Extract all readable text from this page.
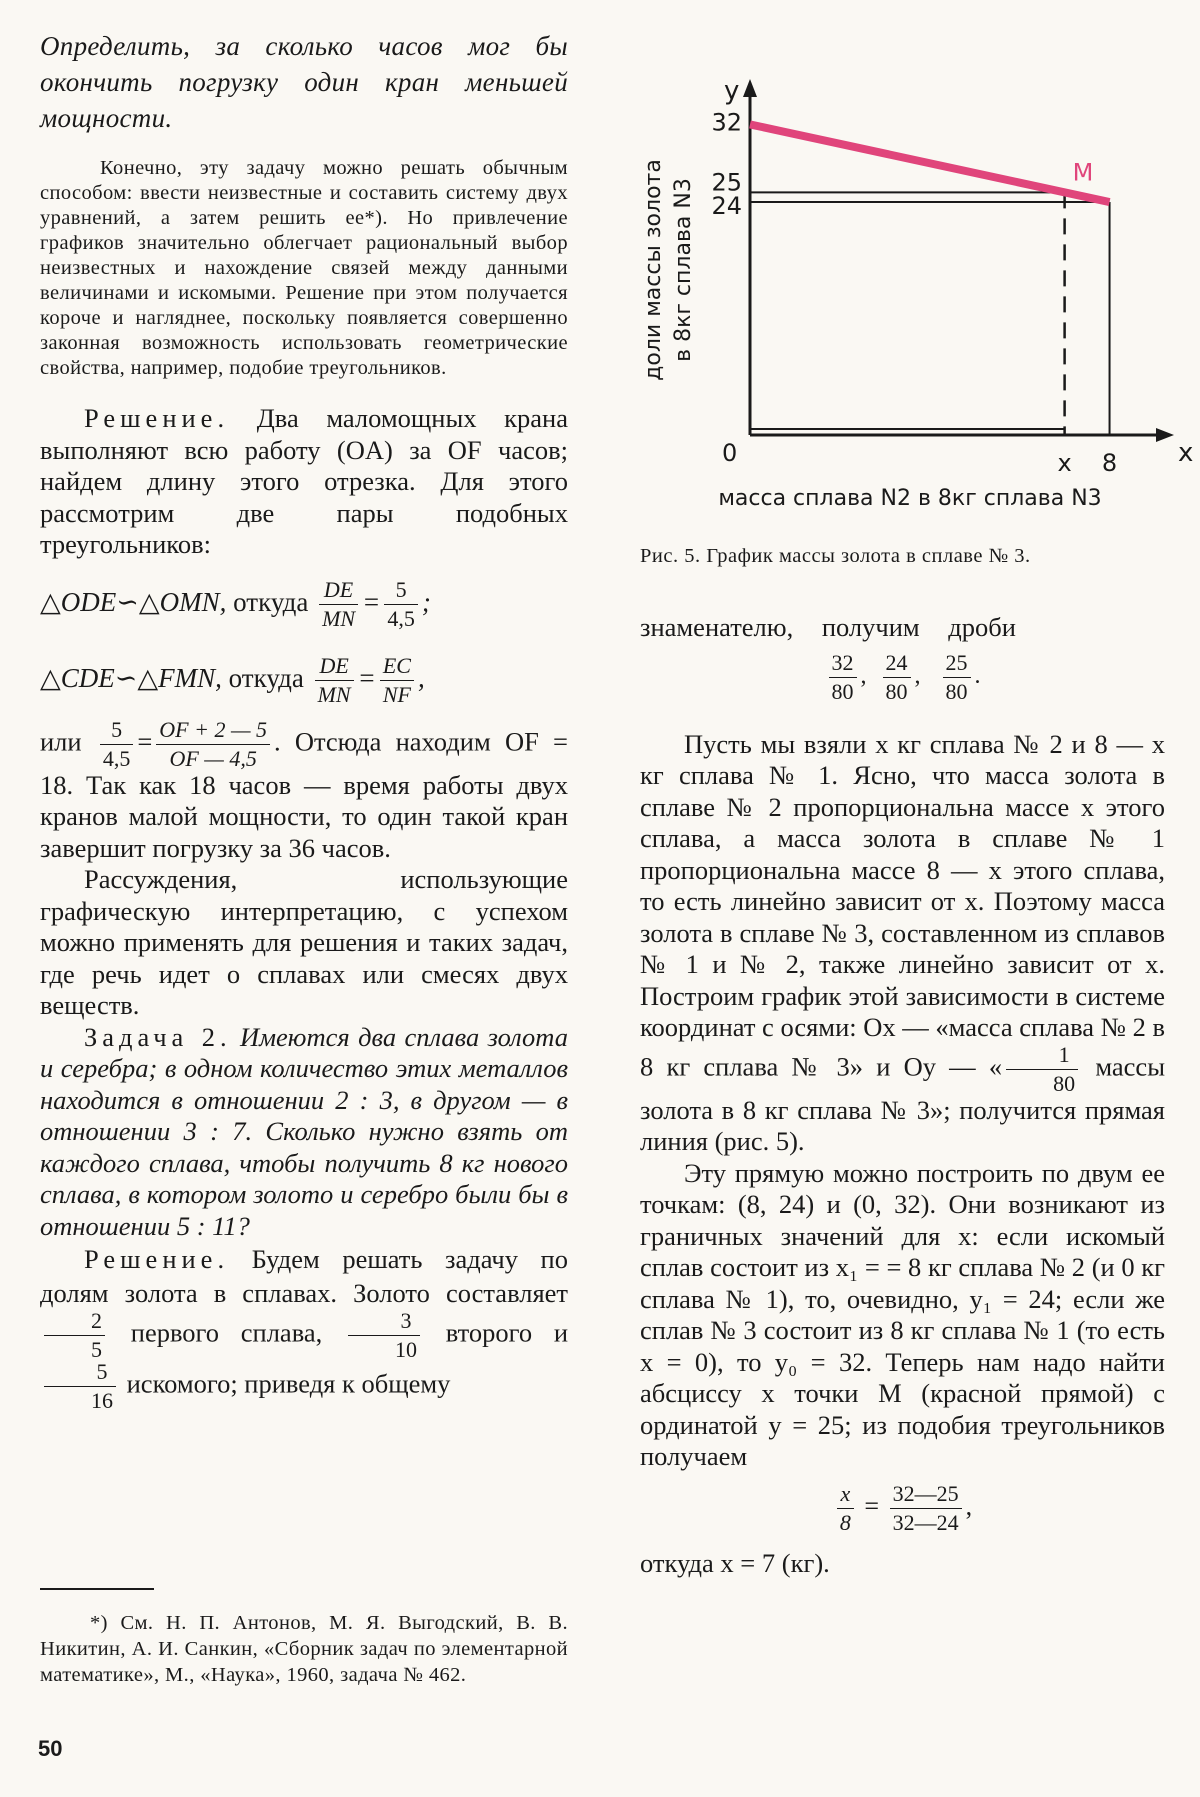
Определить, за сколько часов мог бы окончить погрузку один кран меньшей мощности.

Конечно, эту задачу можно решать обычным способом: ввести неизвестные и составить систему двух уравнений, а затем решить ее*). Но привлечение графиков значительно облегчает рациональный выбор неизвестных и нахождение связей между данными величинами и искомыми. Решение при этом получается короче и нагляднее, поскольку появляется совершенно законная возможность использовать геометрические свойства, например, подобие треугольников.

Решение. Два маломощных крана выполняют всю работу (OA) за OF часов; найдем длину этого отрезка. Для этого рассмотрим две пары подобных треугольников:

△ODE∽△OMN, откуда $\frac{DE}{MN} = \frac{5}{4,5}$ ;
△CDE∽△FMN, откуда $\frac{DE}{MN} = \frac{EC}{NF}$ ,

или $\frac{5}{4,5} = \frac{OF + 2 — 5}{OF — 4,5}$ . Отсюда находим OF = 18. Так как 18 часов — время работы двух кранов малой мощности, то один такой кран завершит погрузку за 36 часов.

Рассуждения, использующие графическую интерпретацию, с успехом можно применять для решения и таких задач, где речь идет о сплавах или смесях двух веществ.

Задача 2. Имеются два сплава золота и серебра; в одном количество этих металлов находится в отношении 2 : 3, в другом — в отношении 3 : 7. Сколько нужно взять от каждого сплава, чтобы получить 8 кг нового сплава, в котором золото и серебро были бы в отношении 5 : 11?

Решение. Будем решать задачу по долям золота в сплавах. Золото составляет
$\frac{2}{5}$ первого сплава, $\frac{3}{10}$ второго и
$\frac{5}{16}$ искомого; приведя к общему

*) См. Н. П. Антонов, М. Я. Выгодский, В. В. Никитин, А. И. Санкин, «Сборник задач по элементарной математике», М., «Наука», 1960, задача № 462.

50
x
y
0
M
32
25
24
x 8
масса сплава N2 в 8кг сплава N3
доли массы золота в 8кг сплава N3
Рис. 5. График массы золота в сплаве № 3.

знаменателю, получим дроби

$\frac{32}{80}$ , $\frac{24}{80}$ , $\frac{25}{80}$ .

Пусть мы взяли x кг сплава № 2 и 8 — x кг сплава № 1. Ясно, что масса золота в сплаве № 2 пропорциональна массе x этого сплава, а масса золота в сплаве № 1 пропорциональна массе 8 — x этого сплава, то есть линейно зависит от x. Поэтому масса золота в сплаве № 3, составленном из сплавов № 1 и № 2, также линейно зависит от x. Построим график этой зависимости в системе координат с осями: Ox — «масса сплава № 2 в 8 кг сплава № 3» и Oy — « $\frac{1}{80}$ массы золота в 8 кг сплава № 3»; получится прямая линия (рис. 5).

Эту прямую можно построить по двум ее точкам: (8, 24) и (0, 32). Они возникают из граничных значений для x: если искомый сплав состоит из x₁ = = 8 кг сплава № 2 (и 0 кг сплава № 1), то, очевидно, y₁ = 24; если же сплав № 3 состоит из 8 кг сплава № 1 (то есть x = 0), то y₀ = 32. Теперь нам надо найти абсциссу x точки M (красной прямой) с ординатой y = 25; из подобия треугольников получаем

$\frac{x}{8} = \frac{32—25}{32—24}$ ,

откуда x = 7 (кг).
